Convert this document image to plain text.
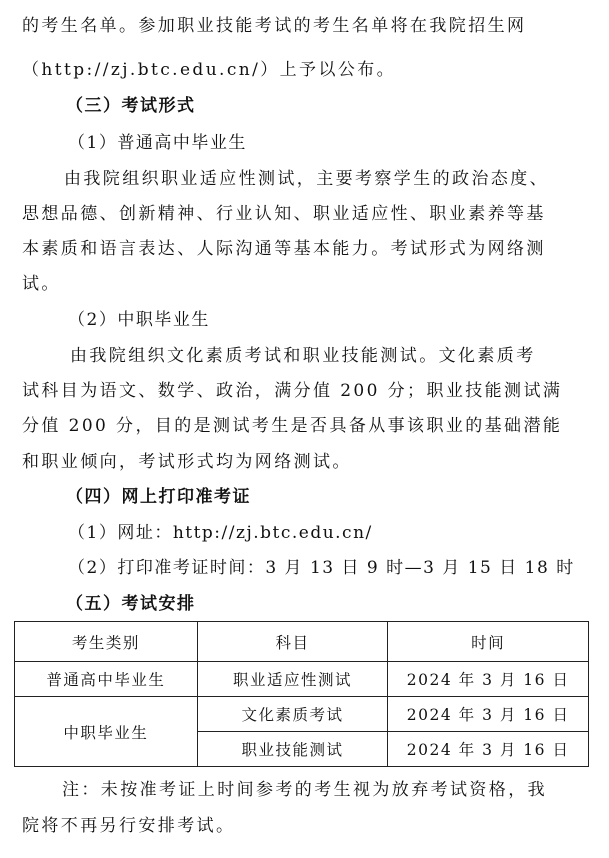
的考生名单。参加职业技能考试的考生名单将在我院招生网
（http://zj.btc.edu.cn/）上予以公布。
（三）考试形式
（1）普通高中毕业生
由我院组织职业适应性测试，主要考察学生的政治态度、
思想品德、创新精神、行业认知、职业适应性、职业素养等基
本素质和语言表达、人际沟通等基本能力。考试形式为网络测
试。
（2）中职毕业生
由我院组织文化素质考试和职业技能测试。文化素质考
试科目为语文、数学、政治，满分值 200 分；职业技能测试满
分值 200 分，目的是测试考生是否具备从事该职业的基础潜能
和职业倾向，考试形式均为网络测试。
（四）网上打印准考证
（1）网址：http://zj.btc.edu.cn/
（2）打印准考证时间：3 月 13 日 9 时—3 月 15 日 18 时
（五）考试安排
考生类别	科目	时间
普通高中毕业生	职业适应性测试	2024 年 3 月 16 日
中职毕业生	文化素质考试	2024 年 3 月 16 日
	职业技能测试	2024 年 3 月 16 日
注：未按准考证上时间参考的考生视为放弃考试资格，我
院将不再另行安排考试。
